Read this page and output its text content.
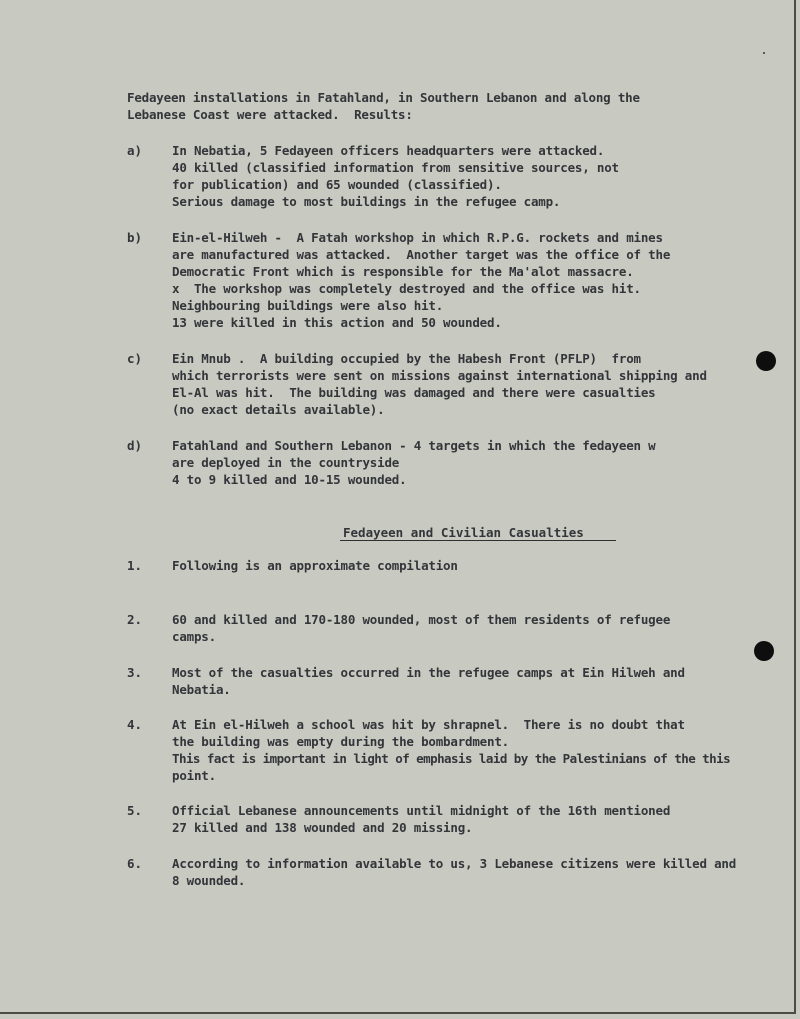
Fedayeen installations in Fatahland, in Southern Lebanon and along the
Lebanese Coast were attacked.  Results:
a) In Nebatia, 5 Fedayeen officers headquarters were attacked.
40 killed (classified information from sensitive sources, not
for publication) and 65 wounded (classified).
Serious damage to most buildings in the refugee camp.
b) Ein-el-Hilweh -  A Fatah workshop in which R.P.G. rockets and mines
are manufactured was attacked.  Another target was the office of the
Democratic Front which is responsible for the Ma'alot massacre.
x  The workshop was completely destroyed and the office was hit.
Neighbouring buildings were also hit.
13 were killed in this action and 50 wounded.
c) Ein Mnub .  A building occupied by the Habesh Front (PFLP)  from
which terrorists were sent on missions against international shipping and
El-Al was hit.  The building was damaged and there were casualties
(no exact details available).
d) Fatahland and Southern Lebanon - 4 targets in which the fedayeen w
are deployed in the countryside
4 to 9 killed and 10-15 wounded.
Fedayeen and Civilian Casualties
1. Following is an approximate compilation
2. 60 and killed and 170-180 wounded, most of them residents of refugee
camps.
3. Most of the casualties occurred in the refugee camps at Ein Hilweh and
Nebatia.
4. At Ein el-Hilweh a school was hit by shrapnel.  There is no doubt that
the building was empty during the bombardment.
This fact is important in light of emphasis laid by the Palestinians of the this
point.
5. Official Lebanese announcements until midnight of the 16th mentioned
27 killed and 138 wounded and 20 missing.
6. According to information available to us, 3 Lebanese citizens were killed and
8 wounded.
